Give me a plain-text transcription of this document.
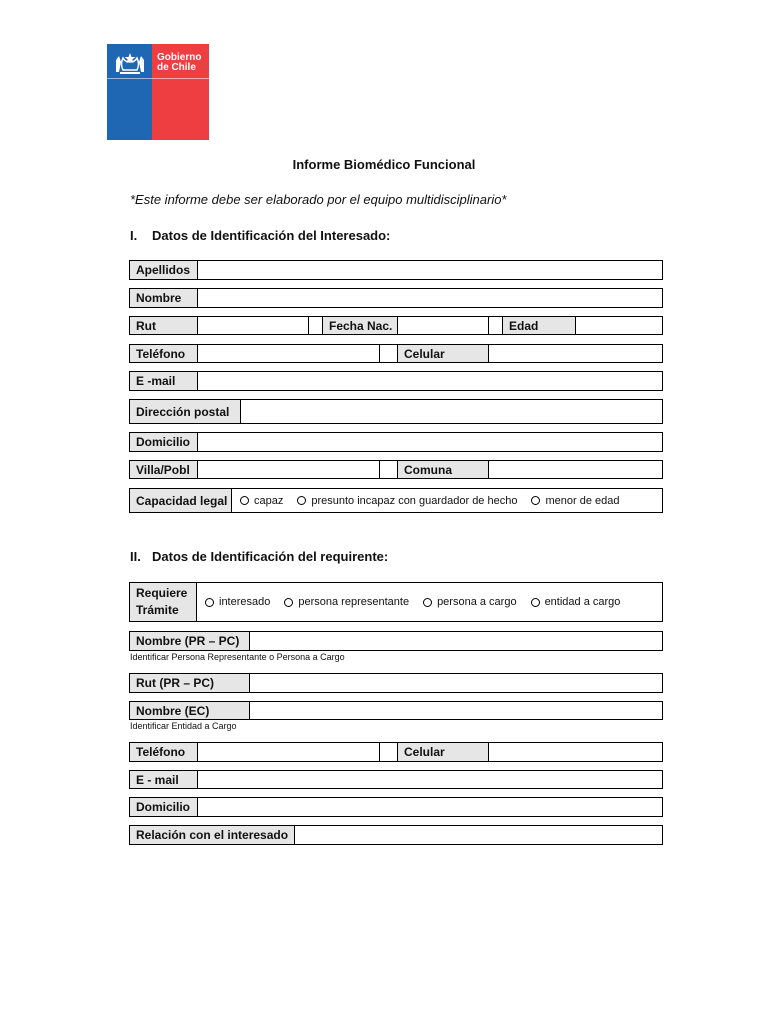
Gobierno
de Chile
Informe Biomédico Funcional
*Este informe debe ser elaborado por el equipo multidisciplinario*
I. Datos de Identificación del Interesado:
Apellidos
Nombre
Rut	Fecha Nac.	Edad
Teléfono	Celular
E -mail
Dirección postal
Domicilio
Villa/Pobl	Comuna
Capacidad legal	capaz	presunto incapaz con guardador de hecho	menor de edad
II. Datos de Identificación del requirente:
Requiere
Trámite
interesado	persona representante	persona a cargo	entidad a cargo
Nombre (PR – PC)
Identificar Persona Representante o Persona a Cargo
Rut (PR – PC)
Nombre (EC)
Identificar Entidad a Cargo
Teléfono	Celular
E - mail
Domicilio
Relación con el interesado
